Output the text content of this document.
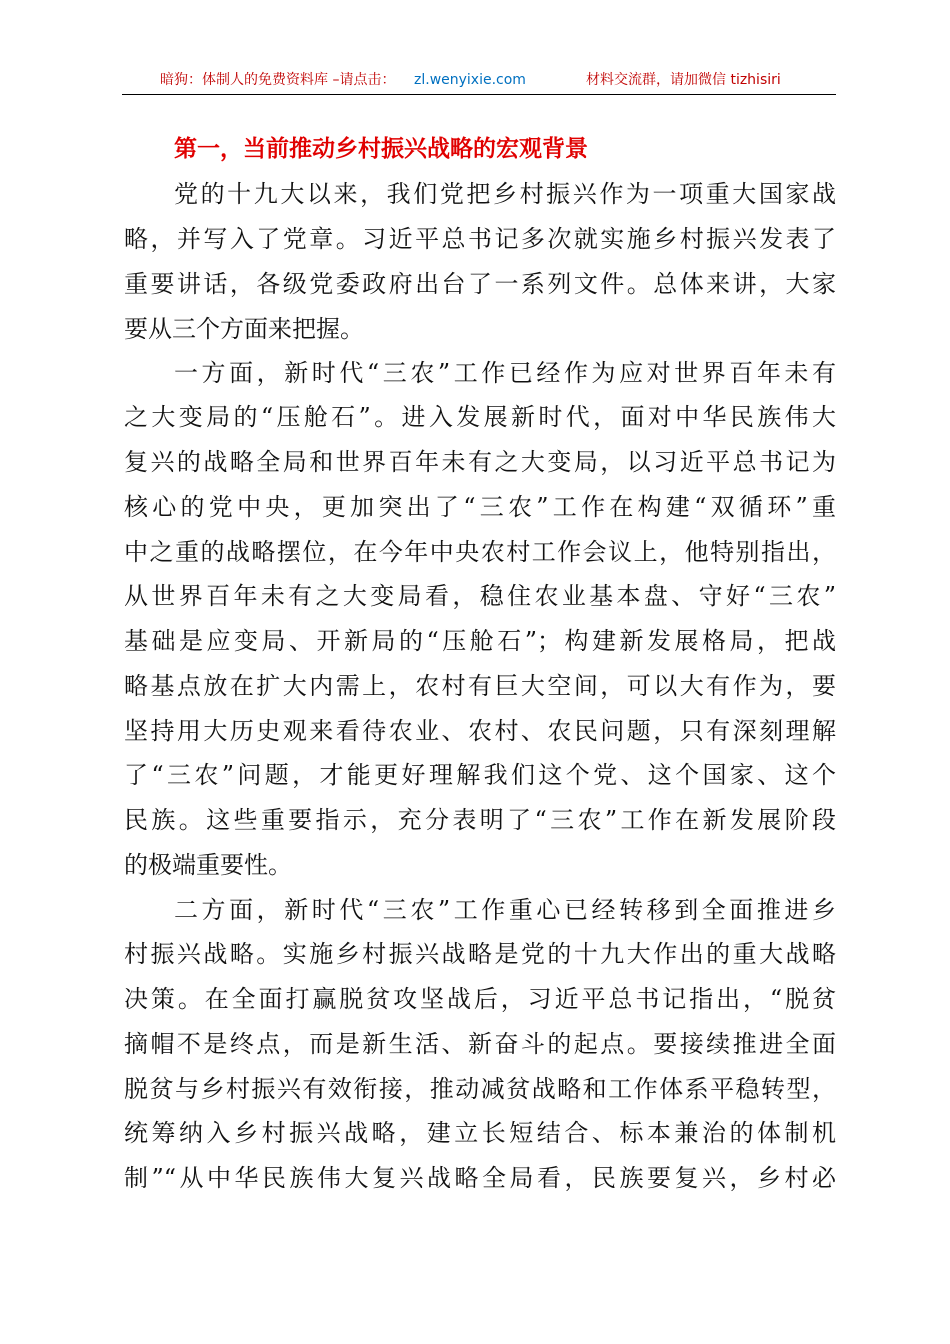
暗狗：体制人的免费资料库 –请点击： zl.wenyixie.com	材料交流群，请加微信 tizhisiri
第一，当前推动乡村振兴战略的宏观背景
党的十九大以来，我们党把乡村振兴作为一项重大国家战
略，并写入了党章。习近平总书记多次就实施乡村振兴发表了
重要讲话，各级党委政府出台了一系列文件。总体来讲，大家
要从三个方面来把握。
一方面，新时代“三农”工作已经作为应对世界百年未有
之大变局的“压舱石”。进入发展新时代，面对中华民族伟大
复兴的战略全局和世界百年未有之大变局，以习近平总书记为
核心的党中央，更加突出了“三农”工作在构建“双循环”重
中之重的战略摆位，在今年中央农村工作会议上，他特别指出，
从世界百年未有之大变局看，稳住农业基本盘、守好“三农”
基础是应变局、开新局的“压舱石”；构建新发展格局，把战
略基点放在扩大内需上，农村有巨大空间，可以大有作为，要
坚持用大历史观来看待农业、农村、农民问题，只有深刻理解
了“三农”问题，才能更好理解我们这个党、这个国家、这个
民族。这些重要指示，充分表明了“三农”工作在新发展阶段
的极端重要性。
二方面，新时代“三农”工作重心已经转移到全面推进乡
村振兴战略。实施乡村振兴战略是党的十九大作出的重大战略
决策。在全面打赢脱贫攻坚战后，习近平总书记指出，“脱贫
摘帽不是终点，而是新生活、新奋斗的起点。要接续推进全面
脱贫与乡村振兴有效衔接，推动减贫战略和工作体系平稳转型，
统筹纳入乡村振兴战略，建立长短结合、标本兼治的体制机
制”“从中华民族伟大复兴战略全局看，民族要复兴，乡村必
